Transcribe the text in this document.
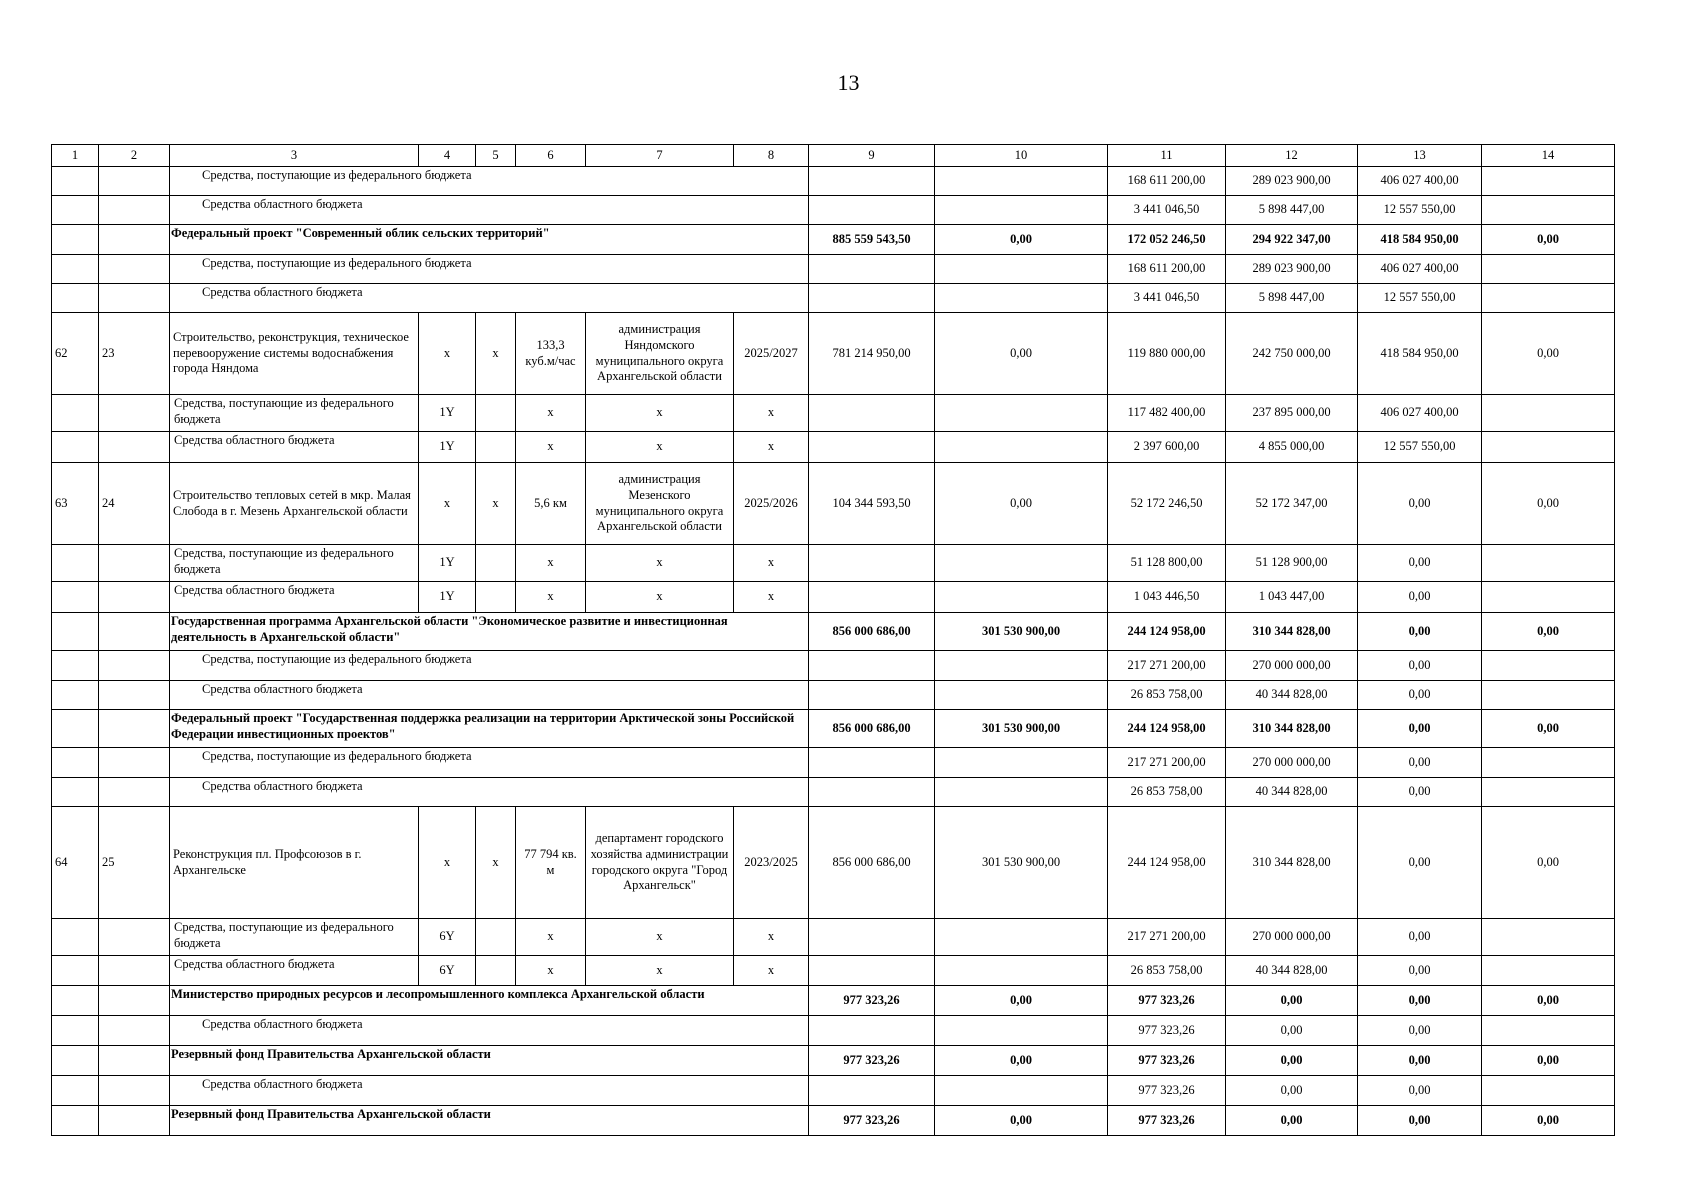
13
1	2	3	4	5	6	7	8	9	10	11	12	13	14
		Средства, поступающие из федерального бюджета								168 611 200,00	289 023 900,00	406 027 400,00	
		Средства областного бюджета								3 441 046,50	5 898 447,00	12 557 550,00	
		Федеральный проект "Современный облик сельских территорий"						885 559 543,50	0,00	172 052 246,50	294 922 347,00	418 584 950,00	0,00
		Средства, поступающие из федерального бюджета								168 611 200,00	289 023 900,00	406 027 400,00	
		Средства областного бюджета								3 441 046,50	5 898 447,00	12 557 550,00	
62	23	Строительство, реконструкция, техническое перевооружение системы водоснабжения города Няндома	x	x	133,3 куб.м/час	администрация Няндомского муниципального округа Архангельской области	2025/2027	781 214 950,00	0,00	119 880 000,00	242 750 000,00	418 584 950,00	0,00
		Средства, поступающие из федерального бюджета	1Y		x	x	x			117 482 400,00	237 895 000,00	406 027 400,00	
		Средства областного бюджета	1Y		x	x	x			2 397 600,00	4 855 000,00	12 557 550,00	
63	24	Строительство тепловых сетей в мкр. Малая Слобода в г. Мезень Архангельской области	x	x	5,6 км	администрация Мезенского муниципального округа Архангельской области	2025/2026	104 344 593,50	0,00	52 172 246,50	52 172 347,00	0,00	0,00
		Средства, поступающие из федерального бюджета	1Y		x	x	x			51 128 800,00	51 128 900,00	0,00	
		Средства областного бюджета	1Y		x	x	x			1 043 446,50	1 043 447,00	0,00	
		Государственная программа Архангельской области "Экономическое развитие и инвестиционная деятельность в Архангельской области"						856 000 686,00	301 530 900,00	244 124 958,00	310 344 828,00	0,00	0,00
		Средства, поступающие из федерального бюджета								217 271 200,00	270 000 000,00	0,00	
		Средства областного бюджета								26 853 758,00	40 344 828,00	0,00	
		Федеральный проект "Государственная поддержка реализации на территории Арктической зоны Российской Федерации инвестиционных проектов"						856 000 686,00	301 530 900,00	244 124 958,00	310 344 828,00	0,00	0,00
		Средства, поступающие из федерального бюджета								217 271 200,00	270 000 000,00	0,00	
		Средства областного бюджета								26 853 758,00	40 344 828,00	0,00	
64	25	Реконструкция пл. Профсоюзов в г. Архангельске	x	x	77 794 кв. м	департамент городского хозяйства администрации городского округа "Город Архангельск"	2023/2025	856 000 686,00	301 530 900,00	244 124 958,00	310 344 828,00	0,00	0,00
		Средства, поступающие из федерального бюджета	6Y		x	x	x			217 271 200,00	270 000 000,00	0,00	
		Средства областного бюджета	6Y		x	x	x			26 853 758,00	40 344 828,00	0,00	
		Министерство природных ресурсов и лесопромышленного комплекса Архангельской области						977 323,26	0,00	977 323,26	0,00	0,00	0,00
		Средства областного бюджета								977 323,26	0,00	0,00	
		Резервный фонд Правительства Архангельской области						977 323,26	0,00	977 323,26	0,00	0,00	0,00
		Средства областного бюджета								977 323,26	0,00	0,00	
		Резервный фонд Правительства Архангельской области						977 323,26	0,00	977 323,26	0,00	0,00	0,00
